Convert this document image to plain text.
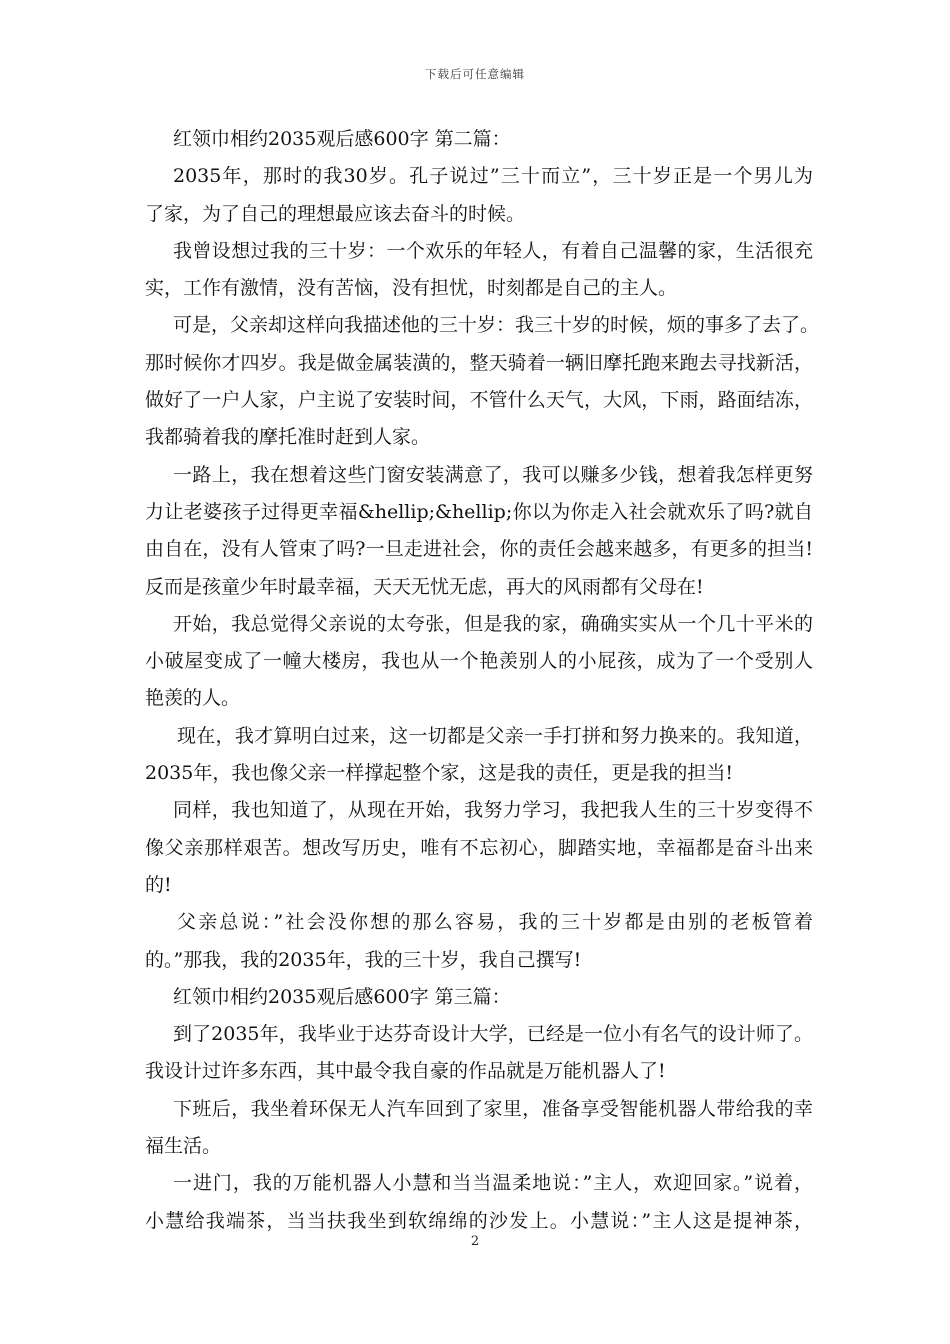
下载后可任意编辑
红领巾相约2035观后感600字 第二篇：
2035年，那时的我30岁。孔子说过”三十而立”，三十岁正是一个男儿为
了家，为了自己的理想最应该去奋斗的时候。
我曾设想过我的三十岁：一个欢乐的年轻人，有着自己温馨的家，生活很充
实，工作有激情，没有苦恼，没有担忧，时刻都是自己的主人。
可是，父亲却这样向我描述他的三十岁：我三十岁的时候，烦的事多了去了。
那时候你才四岁。我是做金属装潢的，整天骑着一辆旧摩托跑来跑去寻找新活，
做好了一户人家，户主说了安装时间，不管什么天气，大风，下雨，路面结冻，
我都骑着我的摩托准时赶到人家。
一路上，我在想着这些门窗安装满意了，我可以赚多少钱，想着我怎样更努
力让老婆孩子过得更幸福&hellip;&hellip;你以为你走入社会就欢乐了吗?就自
由自在，没有人管束了吗?一旦走进社会，你的责任会越来越多，有更多的担当!
反而是孩童少年时最幸福，天天无忧无虑，再大的风雨都有父母在!
开始，我总觉得父亲说的太夸张，但是我的家，确确实实从一个几十平米的
小破屋变成了一幢大楼房，我也从一个艳羡别人的小屁孩，成为了一个受别人
艳羡的人。
现在，我才算明白过来，这一切都是父亲一手打拼和努力换来的。我知道，
2035年，我也像父亲一样撑起整个家，这是我的责任，更是我的担当!
同样，我也知道了，从现在开始，我努力学习，我把我人生的三十岁变得不
像父亲那样艰苦。想改写历史，唯有不忘初心，脚踏实地，幸福都是奋斗出来
的!
父亲总说：”社会没你想的那么容易，我的三十岁都是由别的老板管着
的。”那我，我的2035年，我的三十岁，我自己撰写!
红领巾相约2035观后感600字 第三篇：
到了2035年，我毕业于达芬奇设计大学，已经是一位小有名气的设计师了。
我设计过许多东西，其中最令我自豪的作品就是万能机器人了!
下班后，我坐着环保无人汽车回到了家里，准备享受智能机器人带给我的幸
福生活。
一进门，我的万能机器人小慧和当当温柔地说：”主人，欢迎回家。”说着，
小慧给我端茶，当当扶我坐到软绵绵的沙发上。小慧说：”主人这是提神茶，
2
